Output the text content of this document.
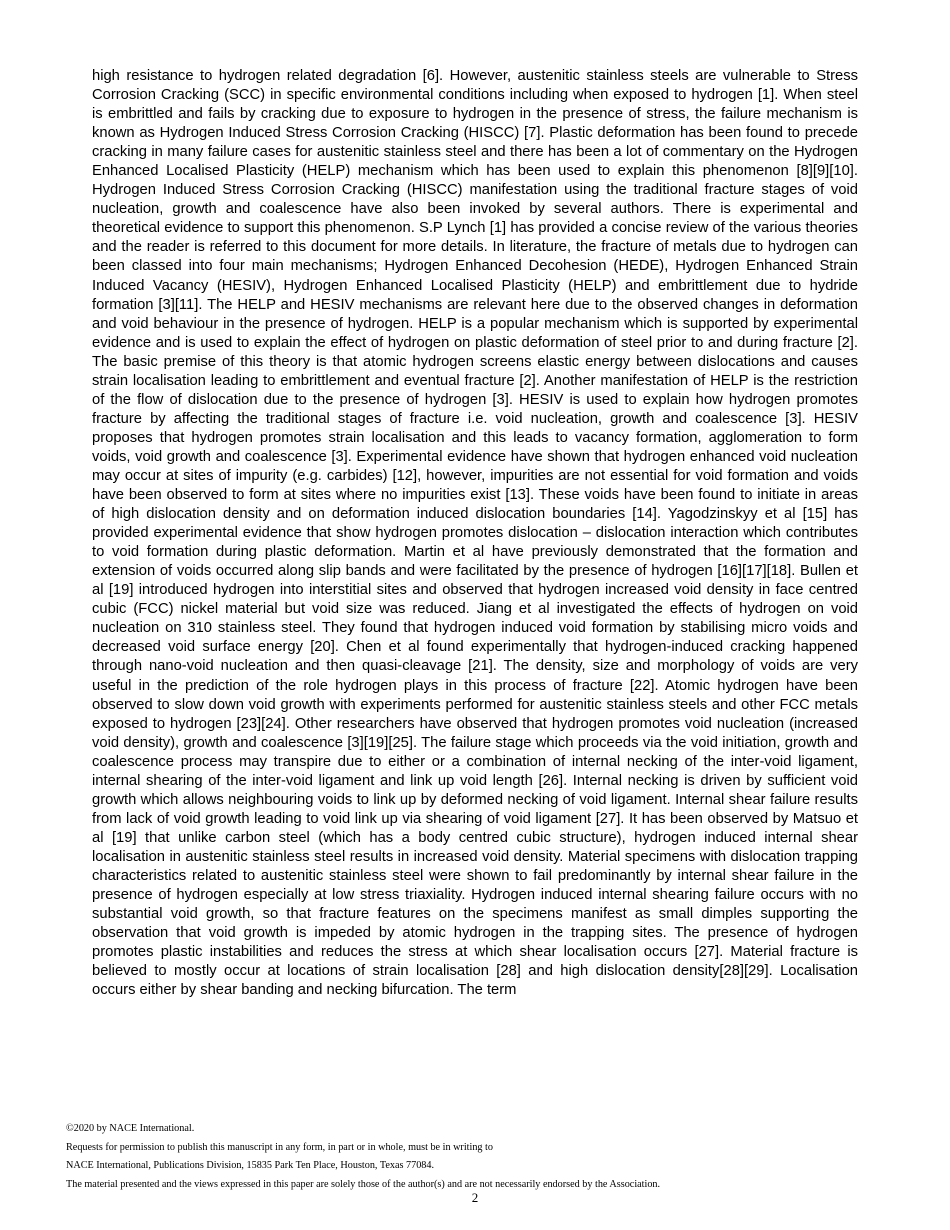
high resistance to hydrogen related degradation [6]. However, austenitic stainless steels are vulnerable to Stress Corrosion Cracking (SCC) in specific environmental conditions including when exposed to hydrogen [1]. When steel is embrittled and fails by cracking due to exposure to hydrogen in the presence of stress, the failure mechanism is known as Hydrogen Induced Stress Corrosion Cracking (HISCC) [7]. Plastic deformation has been found to precede cracking in many failure cases for austenitic stainless steel and there has been a lot of commentary on the Hydrogen Enhanced Localised Plasticity (HELP) mechanism which has been used to explain this phenomenon [8][9][10]. Hydrogen Induced Stress Corrosion Cracking (HISCC) manifestation using the traditional fracture stages of void nucleation, growth and coalescence have also been invoked by several authors. There is experimental and theoretical evidence to support this phenomenon. S.P Lynch [1] has provided a concise review of the various theories and the reader is referred to this document for more details. In literature, the fracture of metals due to hydrogen can been classed into four main mechanisms; Hydrogen Enhanced Decohesion (HEDE), Hydrogen Enhanced Strain Induced Vacancy (HESIV), Hydrogen Enhanced Localised Plasticity (HELP) and embrittlement due to hydride formation [3][11]. The HELP and HESIV mechanisms are relevant here due to the observed changes in deformation and void behaviour in the presence of hydrogen. HELP is a popular mechanism which is supported by experimental evidence and is used to explain the effect of hydrogen on plastic deformation of steel prior to and during fracture [2]. The basic premise of this theory is that atomic hydrogen screens elastic energy between dislocations and causes strain localisation leading to embrittlement and eventual fracture [2]. Another manifestation of HELP is the restriction of the flow of dislocation due to the presence of hydrogen [3]. HESIV is used to explain how hydrogen promotes fracture by affecting the traditional stages of fracture i.e. void nucleation, growth and coalescence [3]. HESIV proposes that hydrogen promotes strain localisation and this leads to vacancy formation, agglomeration to form voids, void growth and coalescence [3]. Experimental evidence have shown that hydrogen enhanced void nucleation may occur at sites of impurity (e.g. carbides) [12], however, impurities are not essential for void formation and voids have been observed to form at sites where no impurities exist [13]. These voids have been found to initiate in areas of high dislocation density and on deformation induced dislocation boundaries [14]. Yagodzinskyy et al [15] has provided experimental evidence that show hydrogen promotes dislocation – dislocation interaction which contributes to void formation during plastic deformation. Martin et al have previously demonstrated that the formation and extension of voids occurred along slip bands and were facilitated by the presence of hydrogen [16][17][18]. Bullen et al [19] introduced hydrogen into interstitial sites and observed that hydrogen increased void density in face centred cubic (FCC) nickel material but void size was reduced. Jiang et al investigated the effects of hydrogen on void nucleation on 310 stainless steel. They found that hydrogen induced void formation by stabilising micro voids and decreased void surface energy [20]. Chen et al found experimentally that hydrogen-induced cracking happened through nano-void nucleation and then quasi-cleavage [21]. The density, size and morphology of voids are very useful in the prediction of the role hydrogen plays in this process of fracture [22]. Atomic hydrogen have been observed to slow down void growth with experiments performed for austenitic stainless steels and other FCC metals exposed to hydrogen [23][24]. Other researchers have observed that hydrogen promotes void nucleation (increased void density), growth and coalescence [3][19][25]. The failure stage which proceeds via the void initiation, growth and coalescence process may transpire due to either or a combination of internal necking of the inter-void ligament, internal shearing of the inter-void ligament and link up void length [26]. Internal necking is driven by sufficient void growth which allows neighbouring voids to link up by deformed necking of void ligament. Internal shear failure results from lack of void growth leading to void link up via shearing of void ligament [27]. It has been observed by Matsuo et al [19] that unlike carbon steel (which has a body centred cubic structure), hydrogen induced internal shear localisation in austenitic stainless steel results in increased void density. Material specimens with dislocation trapping characteristics related to austenitic stainless steel were shown to fail predominantly by internal shear failure in the presence of hydrogen especially at low stress triaxiality. Hydrogen induced internal shearing failure occurs with no substantial void growth, so that fracture features on the specimens manifest as small dimples supporting the observation that void growth is impeded by atomic hydrogen in the trapping sites. The presence of hydrogen promotes plastic instabilities and reduces the stress at which shear localisation occurs [27]. Material fracture is believed to mostly occur at locations of strain localisation [28] and high dislocation density[28][29]. Localisation occurs either by shear banding and necking bifurcation. The term

©2020 by NACE International.

Requests for permission to publish this manuscript in any form, in part or in whole, must be in writing to

NACE International, Publications Division, 15835 Park Ten Place, Houston, Texas 77084.

The material presented and the views expressed in this paper are solely those of the author(s) and are not necessarily endorsed by the Association.

2
